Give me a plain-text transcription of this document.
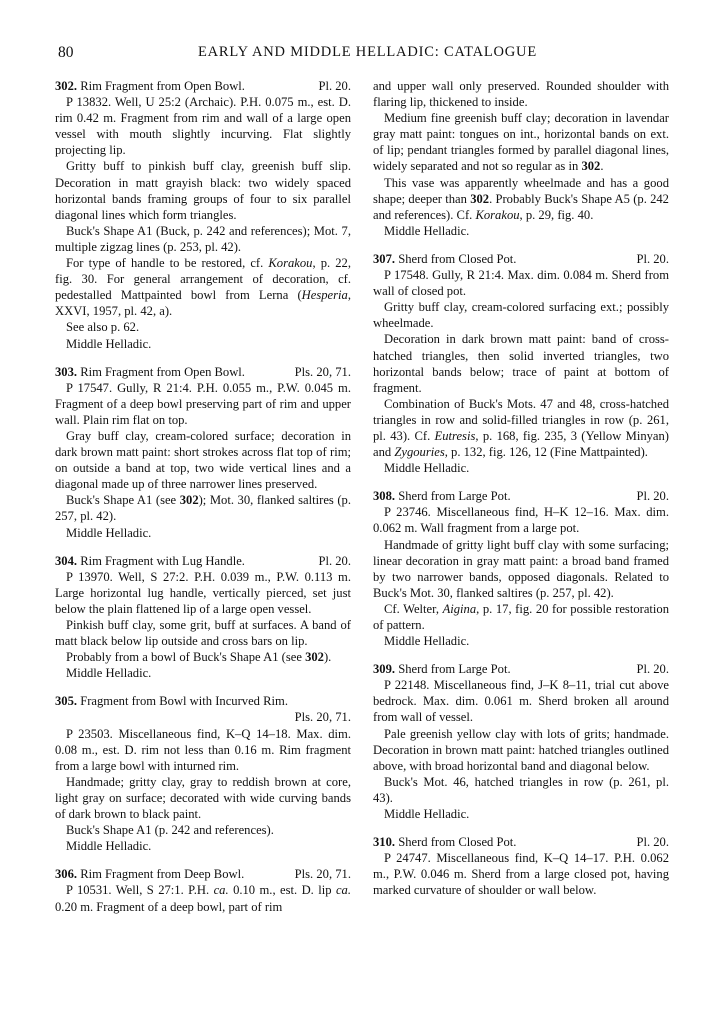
80	EARLY AND MIDDLE HELLADIC: CATALOGUE

302. Rim Fragment from Open Bowl.	Pl. 20.

P 13832. Well, U 25:2 (Archaic). P.H. 0.075 m., est. D. rim 0.42 m. Fragment from rim and wall of a large open vessel with mouth slightly incurving. Flat slightly projecting lip.

Gritty buff to pinkish buff clay, greenish buff slip. Decoration in matt grayish black: two widely spaced horizontal bands framing groups of four to six parallel diagonal lines which form triangles.

Buck's Shape A1 (Buck, p. 242 and references); Mot. 7, multiple zigzag lines (p. 253, pl. 42).

For type of handle to be restored, cf. Korakou, p. 22, fig. 30. For general arrangement of decoration, cf. pedestalled Mattpainted bowl from Lerna (Hesperia, XXVI, 1957, pl. 42, a).

See also p. 62.

Middle Helladic.

303. Rim Fragment from Open Bowl.	Pls. 20, 71.

P 17547. Gully, R 21:4. P.H. 0.055 m., P.W. 0.045 m. Fragment of a deep bowl preserving part of rim and upper wall. Plain rim flat on top.

Gray buff clay, cream-colored surface; decoration in dark brown matt paint: short strokes across flat top of rim; on outside a band at top, two wide vertical lines and a diagonal made up of three narrower lines preserved.

Buck's Shape A1 (see 302); Mot. 30, flanked saltires (p. 257, pl. 42).

Middle Helladic.

304. Rim Fragment with Lug Handle.	Pl. 20.

P 13970. Well, S 27:2. P.H. 0.039 m., P.W. 0.113 m. Large horizontal lug handle, vertically pierced, set just below the plain flattened lip of a large open vessel.

Pinkish buff clay, some grit, buff at surfaces. A band of matt black below lip outside and cross bars on lip.

Probably from a bowl of Buck's Shape A1 (see 302).

Middle Helladic.

305. Fragment from Bowl with Incurved Rim.

Pls. 20, 71.

P 23503. Miscellaneous find, K–Q 14–18. Max. dim. 0.08 m., est. D. rim not less than 0.16 m. Rim fragment from a large bowl with inturned rim.

Handmade; gritty clay, gray to reddish brown at core, light gray on surface; decorated with wide curving bands of dark brown to black paint.

Buck's Shape A1 (p. 242 and references).

Middle Helladic.

306. Rim Fragment from Deep Bowl.	Pls. 20, 71.

P 10531. Well, S 27:1. P.H. ca. 0.10 m., est. D. lip ca. 0.20 m. Fragment of a deep bowl, part of rim

and upper wall only preserved. Rounded shoulder with flaring lip, thickened to inside.

Medium fine greenish buff clay; decoration in lavendar gray matt paint: tongues on int., horizontal bands on ext. of lip; pendant triangles formed by parallel diagonal lines, widely separated and not so regular as in 302.

This vase was apparently wheelmade and has a good shape; deeper than 302. Probably Buck's Shape A5 (p. 242 and references). Cf. Korakou, p. 29, fig. 40.

Middle Helladic.

307. Sherd from Closed Pot.	Pl. 20.

P 17548. Gully, R 21:4. Max. dim. 0.084 m. Sherd from wall of closed pot.

Gritty buff clay, cream-colored surfacing ext.; possibly wheelmade.

Decoration in dark brown matt paint: band of cross-hatched triangles, then solid inverted triangles, two horizontal bands below; trace of paint at bottom of fragment.

Combination of Buck's Mots. 47 and 48, cross-hatched triangles in row and solid-filled triangles in row (p. 261, pl. 43). Cf. Eutresis, p. 168, fig. 235, 3 (Yellow Minyan) and Zygouries, p. 132, fig. 126, 12 (Fine Mattpainted).

Middle Helladic.

308. Sherd from Large Pot.	Pl. 20.

P 23746. Miscellaneous find, H–K 12–16. Max. dim. 0.062 m. Wall fragment from a large pot.

Handmade of gritty light buff clay with some surfacing; linear decoration in gray matt paint: a broad band framed by two narrower bands, opposed diagonals. Related to Buck's Mot. 30, flanked saltires (p. 257, pl. 42).

Cf. Welter, Aigina, p. 17, fig. 20 for possible restoration of pattern.

Middle Helladic.

309. Sherd from Large Pot.	Pl. 20.

P 22148. Miscellaneous find, J–K 8–11, trial cut above bedrock. Max. dim. 0.061 m. Sherd broken all around from wall of vessel.

Pale greenish yellow clay with lots of grits; handmade. Decoration in brown matt paint: hatched triangles outlined above, with broad horizontal band and diagonal below.

Buck's Mot. 46, hatched triangles in row (p. 261, pl. 43).

Middle Helladic.

310. Sherd from Closed Pot.	Pl. 20.

P 24747. Miscellaneous find, K–Q 14–17. P.H. 0.062 m., P.W. 0.046 m. Sherd from a large closed pot, having marked curvature of shoulder or wall below.
